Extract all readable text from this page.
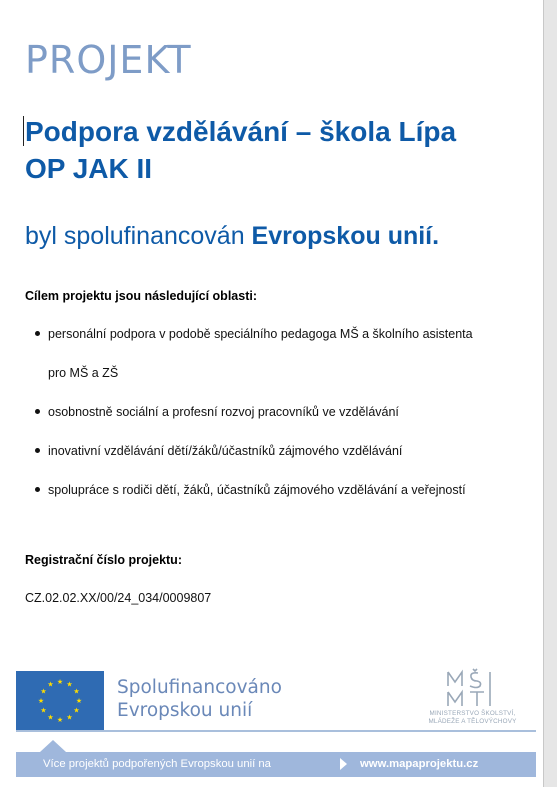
PROJEKT
Podpora vzdělávání – škola Lípa
OP JAK II
byl spolufinancován Evropskou unií.
Cílem projektu jsou následující oblasti:
personální podpora v podobě speciálního pedagoga MŠ a školního asistenta
pro MŠ a ZŠ
osobnostně sociální a profesní rozvoj pracovníků ve vzdělávání
inovativní vzdělávání dětí/žáků/účastníků zájmového vzdělávání
spolupráce s rodiči dětí, žáků, účastníků zájmového vzdělávání a veřejností
Registrační číslo projektu:
CZ.02.02.XX/00/24_034/0009807
★
★
★
★
★
★
★
★
★ ★ ★
★ Spolufinancováno
Evropskou unií	MINISTERSTVO ŠKOLSTVÍ,
MLÁDEŽE A TĚLOVÝCHOVY
Více projektů podpořených Evropskou unií na	www.mapaprojektu.cz
